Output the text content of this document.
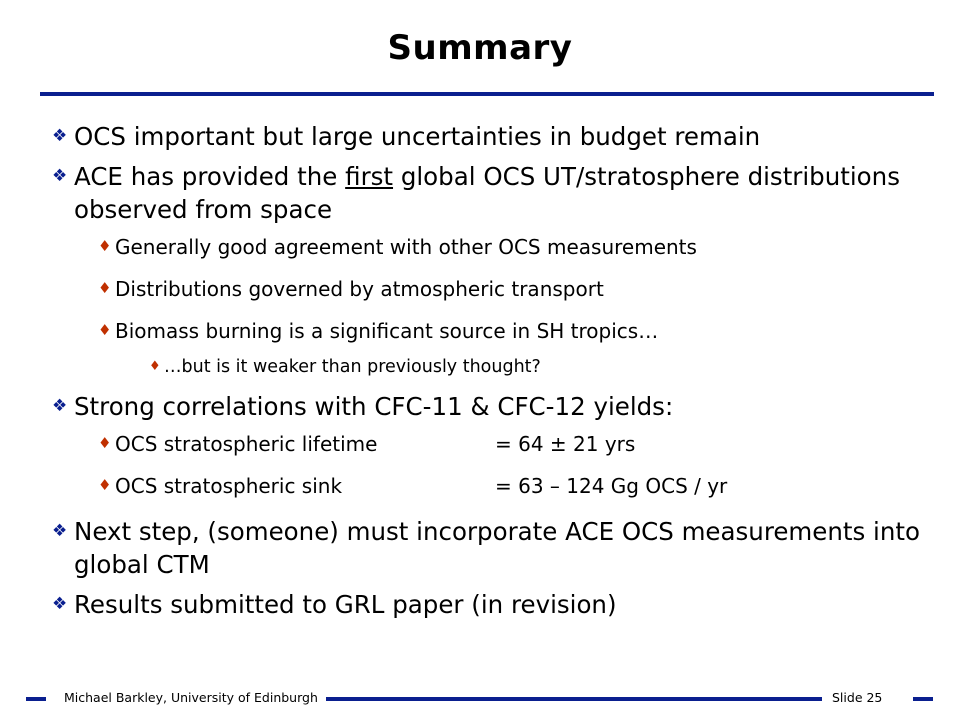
Summary
❖ OCS important but large uncertainties in budget remain
❖ ACE has provided the first global OCS UT/stratosphere distributions observed from space
♦ Generally good agreement with other OCS measurements
♦ Distributions governed by atmospheric transport
♦ Biomass burning is a significant source in SH tropics…
♦ …but is it weaker than previously thought?
❖ Strong correlations with CFC-11 & CFC-12 yields:
♦ OCS stratospheric lifetime	= 64 ± 21 yrs
♦ OCS stratospheric sink	= 63 – 124 Gg OCS / yr
❖ Next step, (someone) must incorporate ACE OCS measurements into global CTM
❖ Results submitted to GRL paper (in revision)
Michael Barkley, University of Edinburgh	Slide 25
